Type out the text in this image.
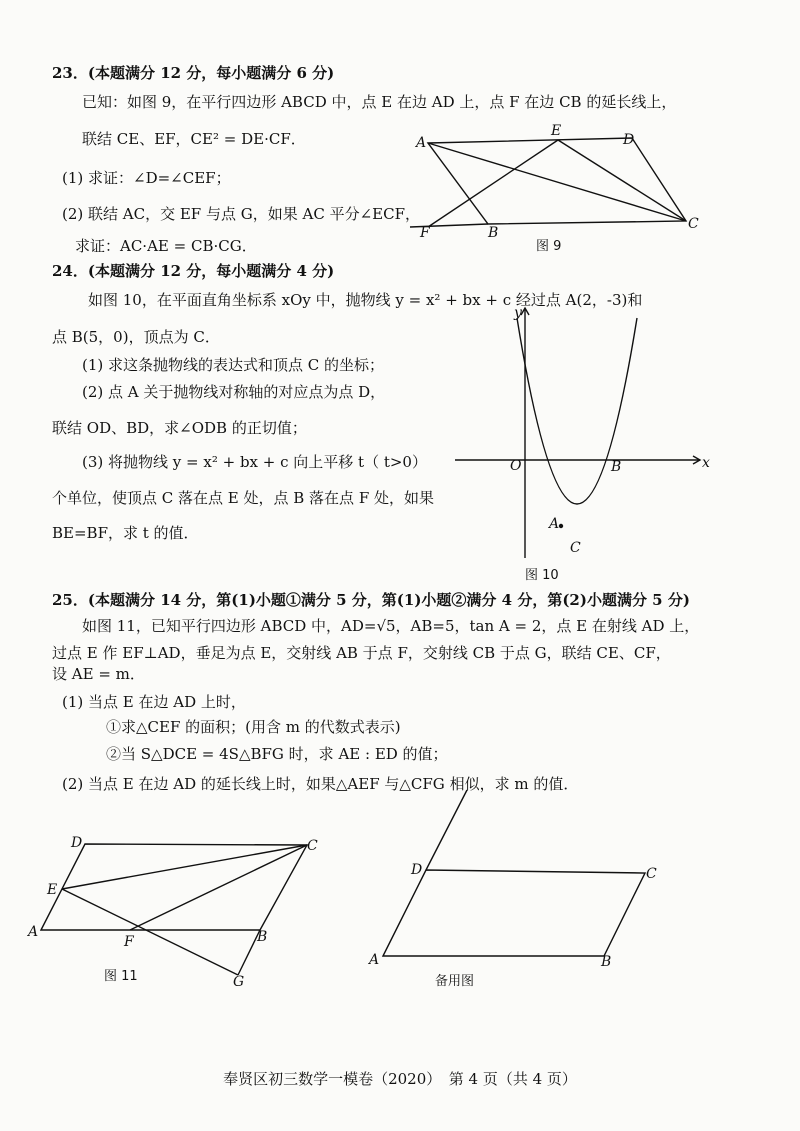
23．(本题满分 12 分，每小题满分 6 分)
已知：如图 9，在平行四边形 ABCD 中，点 E 在边 AD 上，点 F 在边 CB 的延长线上，
联结 CE、EF，CE² = DE·CF．
(1) 求证：∠D=∠CEF；
(2) 联结 AC，交 EF 与点 G，如果 AC 平分∠ECF，
求证：AC·AE = CB·CG．
A
E
D
F	B
C
图 9
24．(本题满分 12 分，每小题满分 4 分)
如图 10，在平面直角坐标系 xOy 中，抛物线 y = x² + bx + c 经过点 A(2，-3)和
点 B(5，0)，顶点为 C．
(1) 求这条抛物线的表达式和顶点 C 的坐标；
(2) 点 A 关于抛物线对称轴的对应点为点 D，
联结 OD、BD，求∠ODB 的正切值；
(3) 将抛物线 y = x² + bx + c 向上平移 t（ t>0）
个单位，使顶点 C 落在点 E 处，点 B 落在点 F 处，如果
BE=BF，求 t 的值．
y
x
O	B
A
C
图 10
25．(本题满分 14 分，第(1)小题①满分 5 分，第(1)小题②满分 4 分，第(2)小题满分 5 分)
如图 11，已知平行四边形 ABCD 中，AD=√5，AB=5，tan A = 2，点 E 在射线 AD 上，
过点 E 作 EF⊥AD，垂足为点 E，交射线 AB 于点 F，交射线 CB 于点 G，联结 CE、CF，
设 AE = m．
(1) 当点 E 在边 AD 上时，
①求△CEF 的面积；(用含 m 的代数式表示)
②当 S△DCE = 4S△BFG 时，求 AE : ED 的值；
(2) 当点 E 在边 AD 的延长线上时，如果△AEF 与△CFG 相似，求 m 的值．
D	C
E
A
F	B
G
图 11
D	C
A	B
备用图
奉贤区初三数学一模卷（2020）　第 4 页（共 4 页）
